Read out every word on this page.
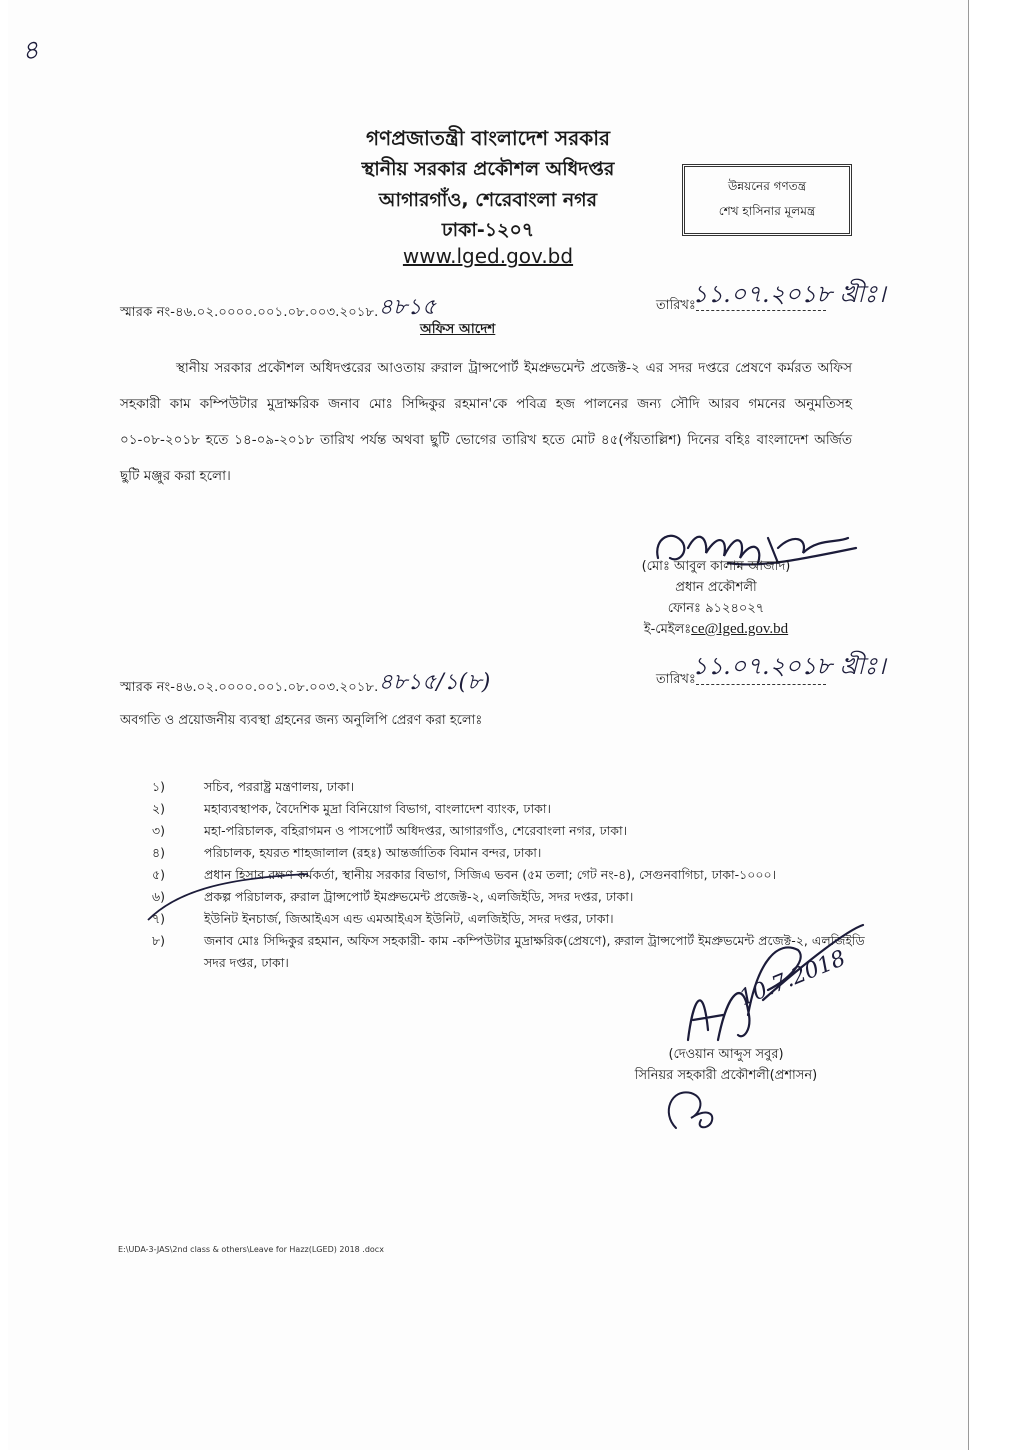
৪
গণপ্রজাতন্ত্রী বাংলাদেশ সরকার
স্থানীয় সরকার প্রকৌশল অধিদপ্তর
আগারগাঁও, শেরেবাংলা নগর
ঢাকা-১২০৭
www.lged.gov.bd
উন্নয়নের গণতন্ত্র
শেখ হাসিনার মূলমন্ত্র
স্মারক নং-৪৬.০২.০০০০.০০১.০৮.০০৩.২০১৮.৪৮১৫	তারিখঃ
১১.০৭.২০১৮ খ্রীঃ।
অফিস আদেশ
স্থানীয় সরকার প্রকৌশল অধিদপ্তরের আওতায় রুরাল ট্রান্সপোর্ট ইমপ্রুভমেন্ট প্রজেক্ট-২ এর সদর দপ্তরে প্রেষণে কর্মরত অফিস সহকারী কাম কম্পিউটার মুদ্রাক্ষরিক জনাব মোঃ সিদ্দিকুর রহমান'কে পবিত্র হজ পালনের জন্য সৌদি আরব গমনের অনুমতিসহ ০১-০৮-২০১৮ হতে ১৪-০৯-২০১৮ তারিখ পর্যন্ত অথবা ছুটি ভোগের তারিখ হতে মোট ৪৫(পঁয়তাল্লিশ) দিনের বহিঃ বাংলাদেশ অর্জিত ছুটি মঞ্জুর করা হলো।
(মোঃ আবুল কালাম আজাদ)
প্রধান প্রকৌশলী
ফোনঃ ৯১২৪০২৭
ই-মেইলঃce@lged.gov.bd
স্মারক নং-৪৬.০২.০০০০.০০১.০৮.০০৩.২০১৮.৪৮১৫/১(৮)	তারিখঃ
১১.০৭.২০১৮ খ্রীঃ।
অবগতি ও প্রয়োজনীয় ব্যবস্থা গ্রহনের জন্য অনুলিপি প্রেরণ করা হলোঃ
১)	সচিব, পররাষ্ট্র মন্ত্রণালয়, ঢাকা।
২)	মহাব্যবস্থাপক, বৈদেশিক মুদ্রা বিনিয়োগ বিভাগ, বাংলাদেশ ব্যাংক, ঢাকা।
৩)	মহা-পরিচালক, বহিরাগমন ও পাসপোর্ট অধিদপ্তর, আগারগাঁও, শেরেবাংলা নগর, ঢাকা।
৪)	পরিচালক, হযরত শাহজালাল (রহঃ) আন্তর্জাতিক বিমান বন্দর, ঢাকা।
৫)	প্রধান হিসাব রক্ষণ কর্মকর্তা, স্থানীয় সরকার বিভাগ, সিজিএ ভবন (৫ম তলা; গেট নং-৪), সেগুনবাগিচা, ঢাকা-১০০০।
৬)	প্রকল্প পরিচালক, রুরাল ট্রান্সপোর্ট ইমপ্রুভমেন্ট প্রজেক্ট-২, এলজিইডি, সদর দপ্তর, ঢাকা।
৭)	ইউনিট ইনচার্জ, জিআইএস এন্ড এমআইএস ইউনিট, এলজিইডি, সদর দপ্তর, ঢাকা।
৮)	জনাব মোঃ সিদ্দিকুর রহমান, অফিস সহকারী- কাম -কম্পিউটার মুদ্রাক্ষরিক(প্রেষণে), রুরাল ট্রান্সপোর্ট ইমপ্রুভমেন্ট প্রজেক্ট-২, এলজিইডি সদর দপ্তর, ঢাকা।	10.7.2018
(দেওয়ান আব্দুস সবুর)
সিনিয়র সহকারী প্রকৌশলী(প্রশাসন)
E:\UDA-3-JAS\2nd class & others\Leave for Hazz(LGED) 2018 .docx
